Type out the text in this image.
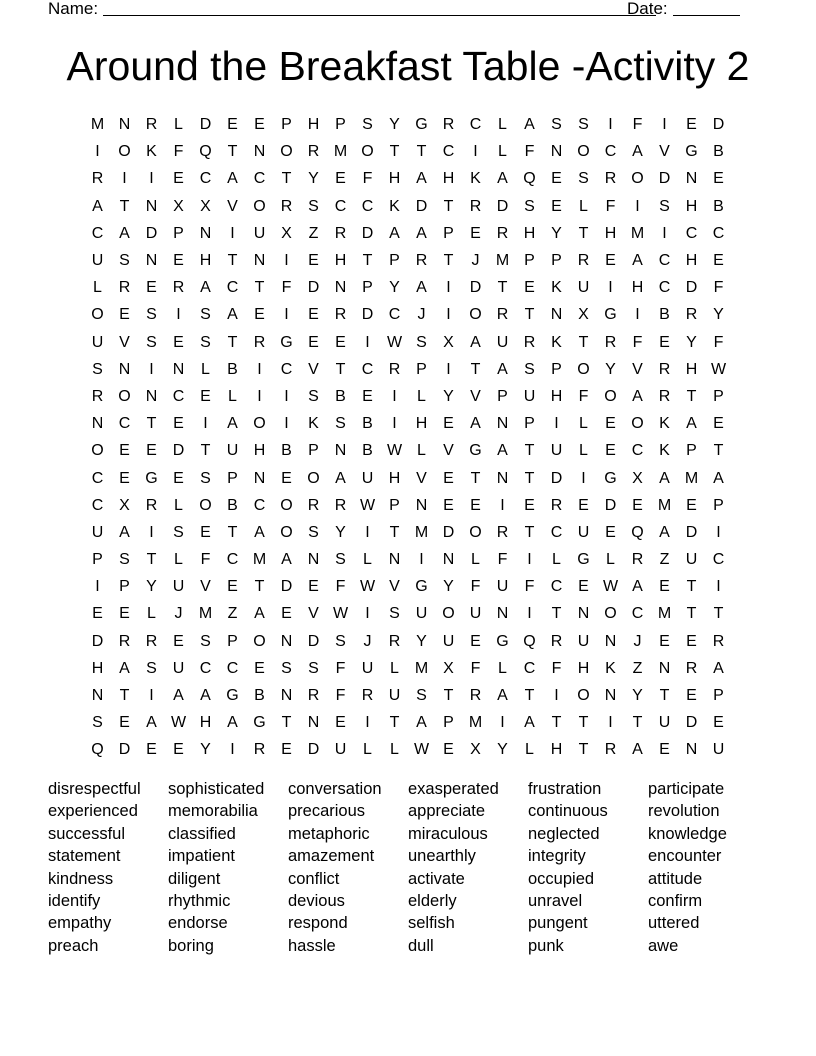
Name:	Date:
Around the Breakfast Table -Activity 2
M N R	L	D E	E	P H P	S	Y G R C	L	A	S	S	I	F	I	E D
I	O K	F Q T	N O R M O T	T	C	I	L	F	N O C A	V G B
R	I	I	E C A C	T	Y	E	F	H A H K	A Q E	S R O D N E
A	T	N X	X	V O R S C C K D	T	R D S	E	L	F	I	S H B
C A D P N	I	U X	Z	R D A	A	P	E R H Y	T	H M	I	C C
U S N E H	T	N	I	E H	T	P R	T	J	M P	P R E	A C H E
L	R E R A C	T	F	D N P	Y	A	I	D	T	E	K U	I	H C D	F
O E	S	I	S	A	E	I	E R D C	J	I	O R	T	N X G	I	B R Y
U V	S	E	S	T	R G E	E	I	W S	X	A U R K	T	R	F	E	Y	F
S N	I	N	L	B	I	C V	T	C R P	I	T	A	S	P O Y	V R H W
R O N C E	L	I	I	S	B	E	I	L	Y	V	P U H	F O A R	T	P
N C	T	E	I	A O	I	K	S	B	I	H E	A N P	I	L	E O K	A	E
O E	E D	T	U H B	P N B W L	V G A	T	U	L	E C K	P	T
C E G E	S	P N E O A U H V	E	T	N	T	D	I	G X	A M A
C X R	L	O B C O R R W P N E	E	I	E R E D E M E	P
U A	I	S	E	T	A O S	Y	I	T M D O R	T	C U E Q A D	I
P	S	T	L	F	C M A N S	L	N	I	N	L	F	I	L	G	L	R	Z	U C
I	P	Y U V	E	T	D E	F W V G Y	F	U	F	C E W A	E	T	I
E	E	L	J	M Z	A	E	V W	I	S U O U N	I	T	N O C M T	T
D R R E	S	P O N D S	J	R Y U E G Q R U N	J	E	E R
H A	S U C C E	S	S	F	U	L M X	F	L	C	F	H K	Z	N R A
N	T	I	A	A G B N R	F	R U S	T	R A	T	I	O N Y	T	E	P
S	E	A W H A G T	N E	I	T	A	P M	I	A	T	T	I	T	U D E
Q D E	E	Y	I	R E D U	L	L W E	X	Y	L	H	T	R A	E N U
disrespectful
experienced
successful
statement
kindness
identify
empathy
preach
sophisticated
memorabilia
classified
impatient
diligent
rhythmic
endorse
boring
conversation
precarious
metaphoric
amazement
conflict
devious
respond
hassle
exasperated
appreciate
miraculous
unearthly
activate
elderly
selfish
dull
frustration
continuous
neglected
integrity
occupied
unravel
pungent
punk
participate
revolution
knowledge
encounter
attitude
confirm
uttered
awe
